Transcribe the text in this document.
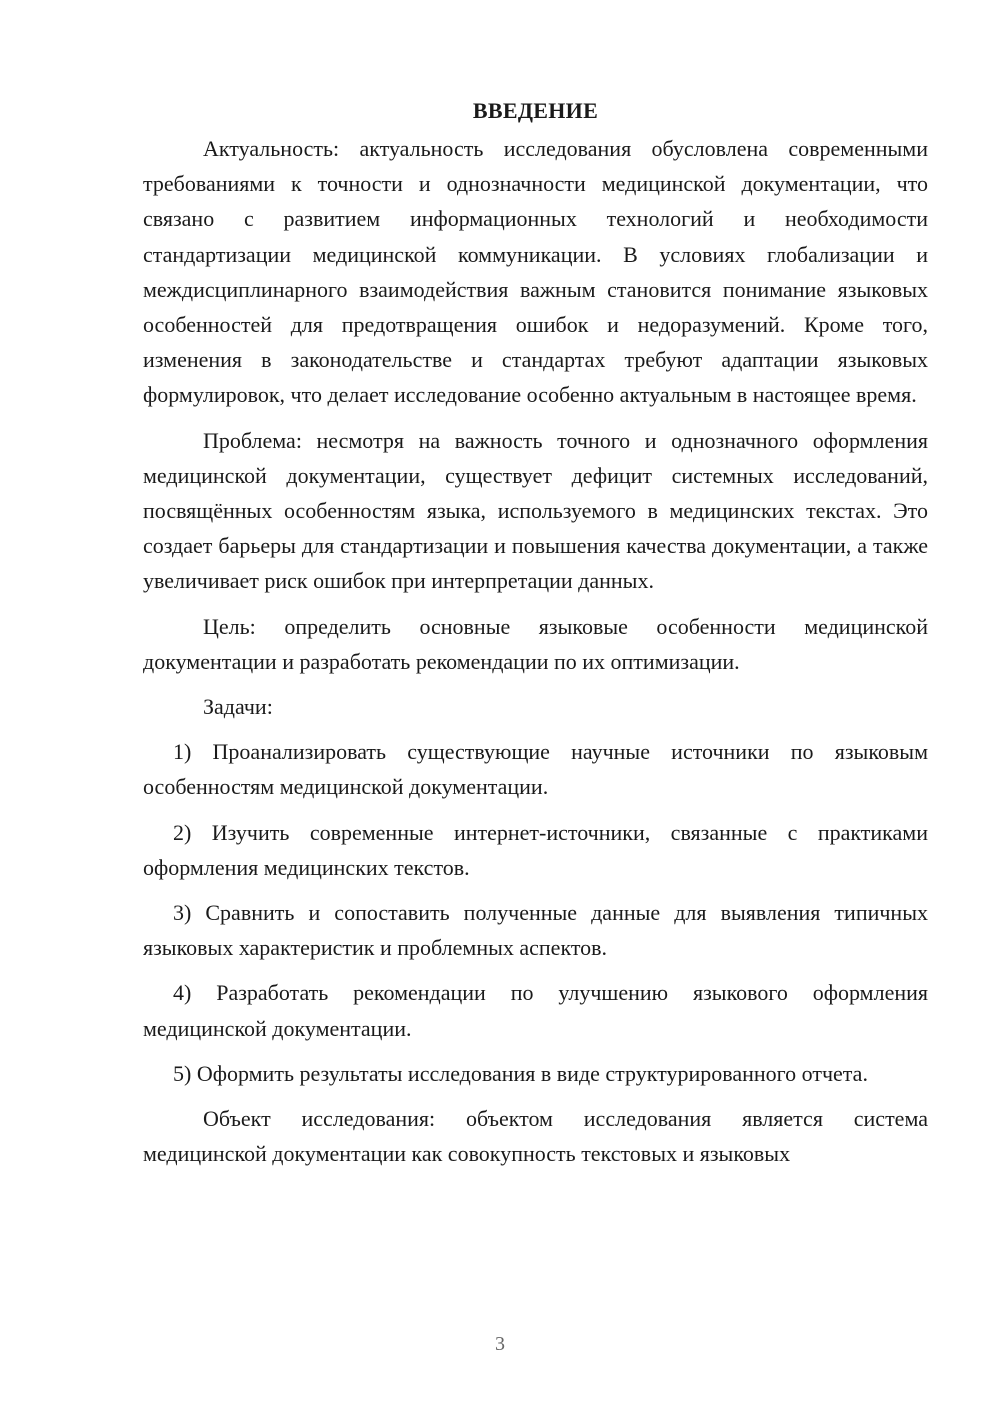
ВВЕДЕНИЕ

Актуальность: актуальность исследования обусловлена современными требованиями к точности и однозначности медицинской документации, что связано с развитием информационных технологий и необходимости стандартизации медицинской коммуникации. В условиях глобализации и междисциплинарного взаимодействия важным становится понимание языковых особенностей для предотвращения ошибок и недоразумений. Кроме того, изменения в законодательстве и стандартах требуют адаптации языковых формулировок, что делает исследование особенно актуальным в настоящее время.

Проблема: несмотря на важность точного и однозначного оформления медицинской документации, существует дефицит системных исследований, посвящённых особенностям языка, используемого в медицинских текстах. Это создает барьеры для стандартизации и повышения качества документации, а также увеличивает риск ошибок при интерпретации данных.

Цель: определить основные языковые особенности медицинской документации и разработать рекомендации по их оптимизации.

Задачи:

1) Проанализировать существующие научные источники по языковым особенностям медицинской документации.

2) Изучить современные интернет-источники, связанные с практиками оформления медицинских текстов.

3) Сравнить и сопоставить полученные данные для выявления типичных языковых характеристик и проблемных аспектов.

4) Разработать рекомендации по улучшению языкового оформления медицинской документации.

5) Оформить результаты исследования в виде структурированного отчета.

Объект исследования: объектом исследования является система медицинской документации как совокупность текстовых и языковых

3
